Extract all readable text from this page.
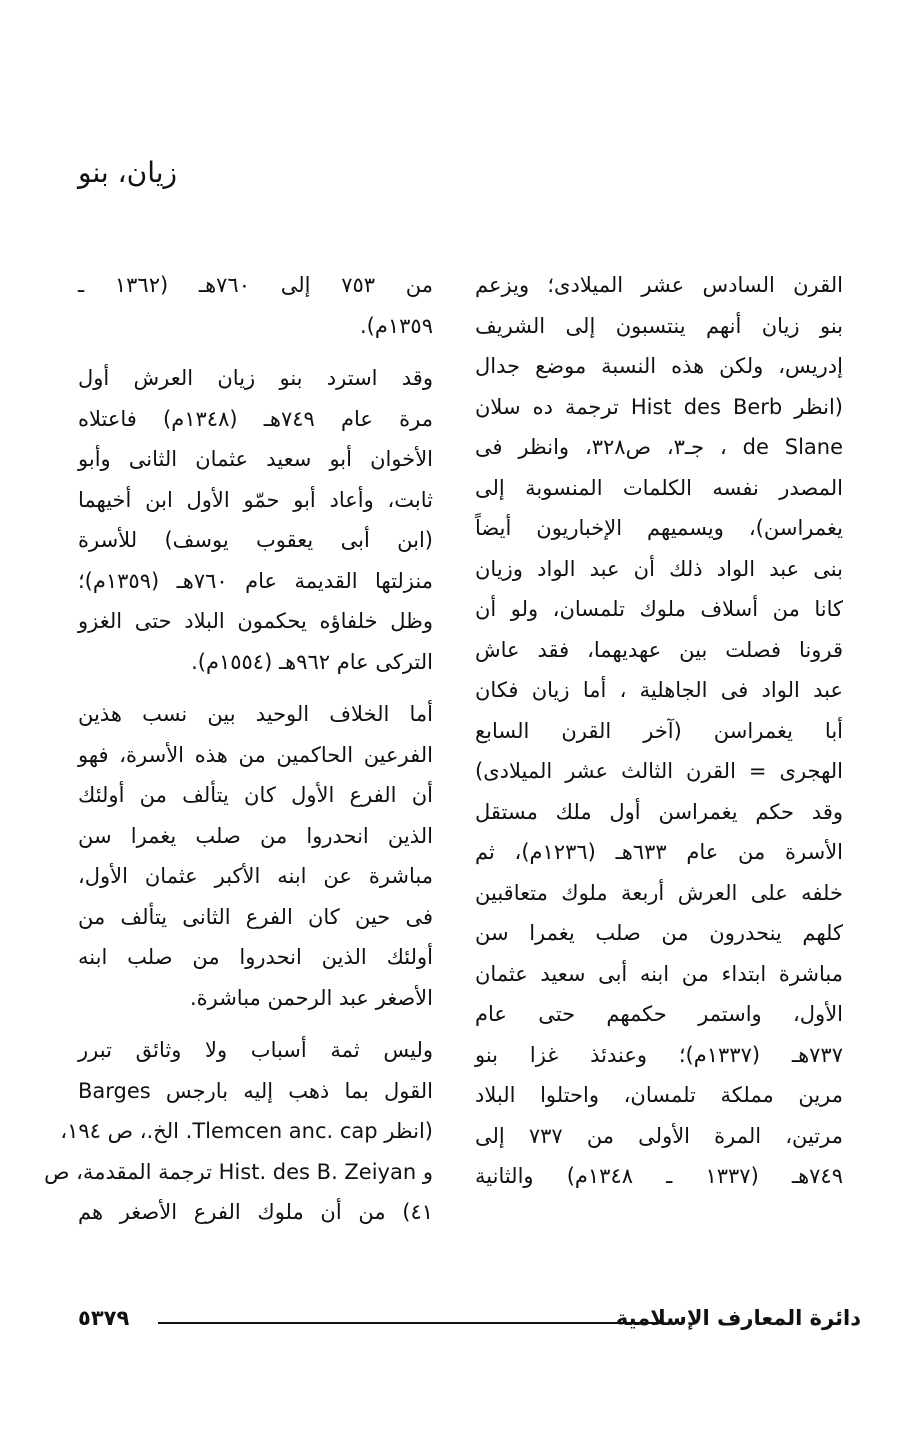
زيان، بنو
القرن السادس عشر الميلادى؛ ويزعم
بنو زيان أنهم ينتسبون إلى الشريف
إدريس، ولكن هذه النسبة موضع جدال
(انظر Hist des Berb ترجمة ده سلان
de Slane ، جـ٣، ص٣٢٨، وانظر فى
المصدر نفسه الكلمات المنسوبة إلى
يغمراسن)، ويسميهم الإخباريون أيضاً
بنى عبد الواد ذلك أن عبد الواد وزيان
كانا من أسلاف ملوك تلمسان، ولو أن
قرونا فصلت بين عهديهما، فقد عاش
عبد الواد فى الجاهلية ، أما زيان فكان
أبا يغمراسن (آخر القرن السابع
الهجرى = القرن الثالث عشر الميلادى)
وقد حكم يغمراسن أول ملك مستقل
الأسرة من عام ٦٣٣هـ (١٢٣٦م)، ثم
خلفه على العرش أربعة ملوك متعاقبين
كلهم ينحدرون من صلب يغمرا سن
مباشرة ابتداء من ابنه أبى سعيد عثمان
الأول، واستمر حكمهم حتى عام
٧٣٧هـ (١٣٣٧م)؛ وعندئذ غزا بنو
مرين مملكة تلمسان، واحتلوا البلاد
مرتين، المرة الأولى من ٧٣٧ إلى
٧٤٩هـ (١٣٣٧ ـ ١٣٤٨م) والثانية
من ٧٥٣ إلى ٧٦٠هـ (١٣٦٢ ـ
١٣٥٩م).
وقد استرد بنو زيان العرش أول
مرة عام ٧٤٩هـ (١٣٤٨م) فاعتلاه
الأخوان أبو سعيد عثمان الثانى وأبو
ثابت، وأعاد أبو حمّو الأول ابن أخيهما
(ابن أبى يعقوب يوسف) للأسرة
منزلتها القديمة عام ٧٦٠هـ (١٣٥٩م)؛
وظل خلفاؤه يحكمون البلاد حتى الغزو
التركى عام ٩٦٢هـ (١٥٥٤م).
أما الخلاف الوحيد بين نسب هذين
الفرعين الحاكمين من هذه الأسرة، فهو
أن الفرع الأول كان يتألف من أولئك
الذين انحدروا من صلب يغمرا سن
مباشرة عن ابنه الأكبر عثمان الأول،
فى حين كان الفرع الثانى يتألف من
أولئك الذين انحدروا من صلب ابنه
الأصغر عبد الرحمن مباشرة.
وليس ثمة أسباب ولا وثائق تبرر
القول بما ذهب إليه بارجس Barges
(انظر Tlemcen anc. cap. الخ.، ص ١٩٤،
و Hist. des B. Zeiyan ترجمة المقدمة، ص
٤١) من أن ملوك الفرع الأصغر هم
دائرة المعارف الإسلامية
٥٣٧٩
